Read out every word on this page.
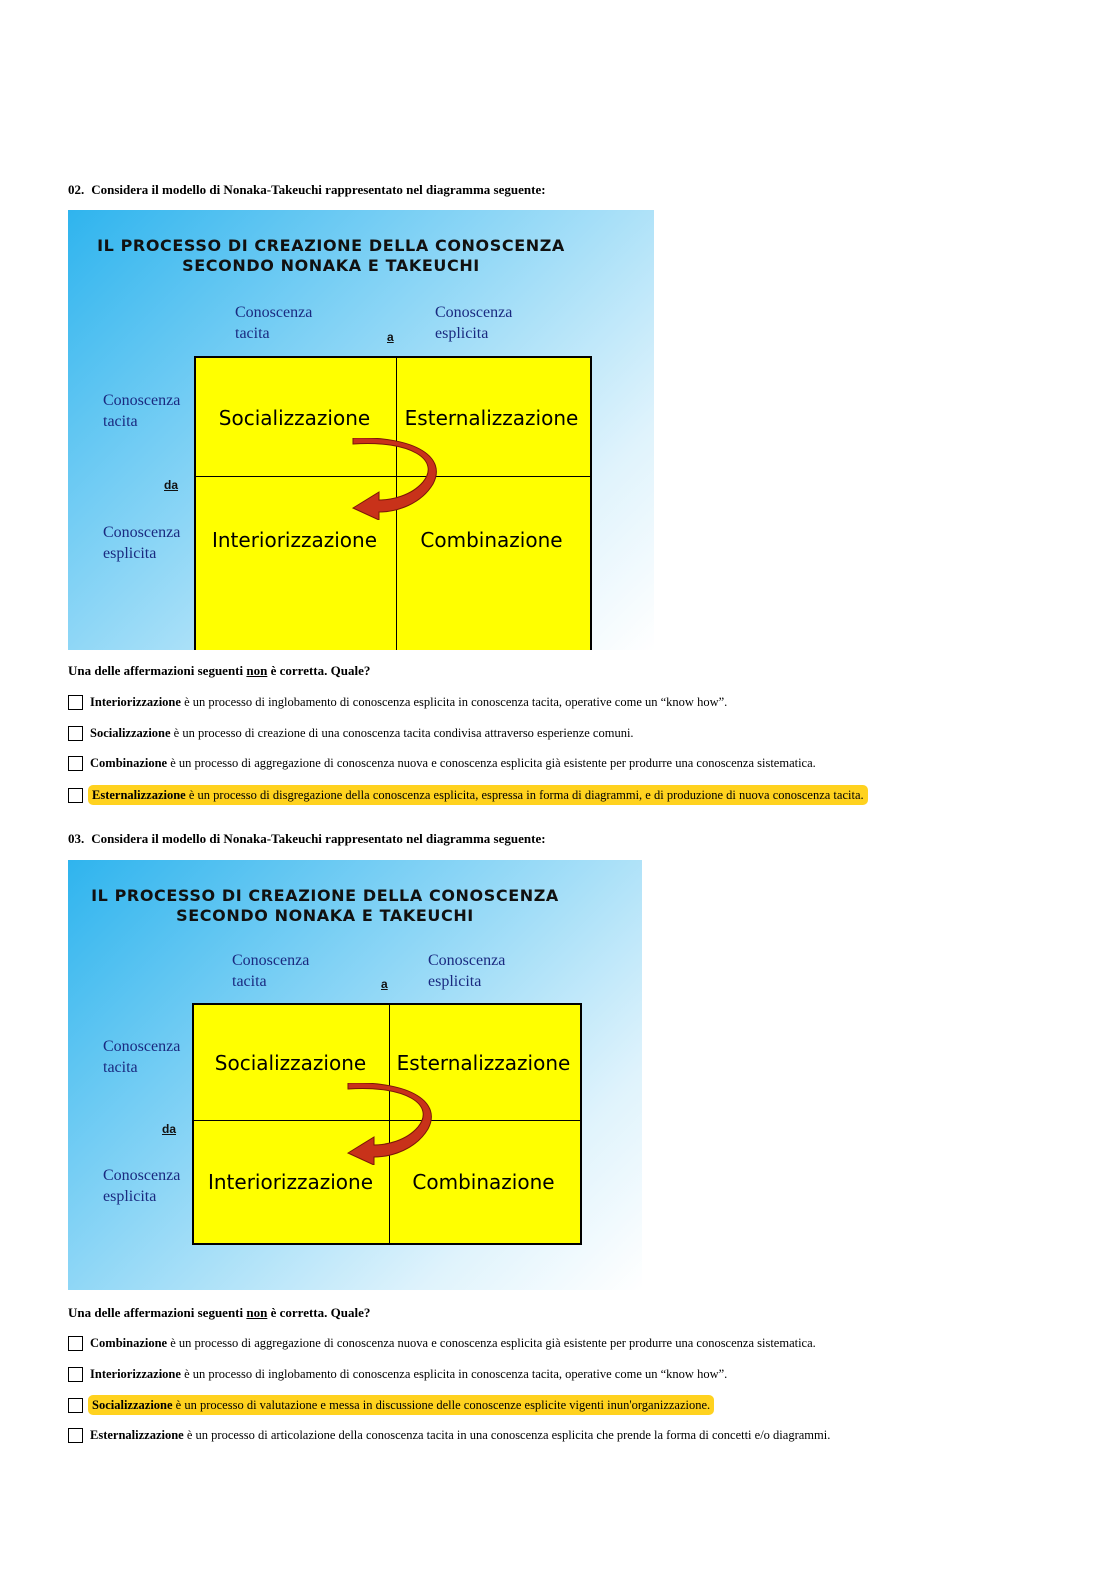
02. Considera il modello di Nonaka-Takeuchi rappresentato nel diagramma seguente:
IL PROCESSO DI CREAZIONE DELLA CONOSCENZA
SECONDO NONAKA E TAKEUCHI
Conoscenza
tacita	a
Conoscenza
esplicita
Conoscenza
tacita
da
Conoscenza
esplicita
Socializzazione	Esternalizzazione
Interiorizzazione	Combinazione
Una delle affermazioni seguenti non è corretta. Quale?
Interiorizzazione è un processo di inglobamento di conoscenza esplicita in conoscenza tacita, operative come un “know how”.
Socializzazione è un processo di creazione di una conoscenza tacita condivisa attraverso esperienze comuni.
Combinazione è un processo di aggregazione di conoscenza nuova e conoscenza esplicita già esistente per produrre una conoscenza sistematica.
Esternalizzazione è un processo di disgregazione della conoscenza esplicita, espressa in forma di diagrammi, e di produzione di nuova conoscenza tacita.
03. Considera il modello di Nonaka-Takeuchi rappresentato nel diagramma seguente:
IL PROCESSO DI CREAZIONE DELLA CONOSCENZA
SECONDO NONAKA E TAKEUCHI
Conoscenza
tacita	a
Conoscenza
esplicita
Conoscenza
tacita
da
Conoscenza
esplicita
Socializzazione	Esternalizzazione
Interiorizzazione	Combinazione
Una delle affermazioni seguenti non è corretta. Quale?
Combinazione è un processo di aggregazione di conoscenza nuova e conoscenza esplicita già esistente per produrre una conoscenza sistematica.
Interiorizzazione è un processo di inglobamento di conoscenza esplicita in conoscenza tacita, operative come un “know how”.
Socializzazione è un processo di valutazione e messa in discussione delle conoscenze esplicite vigenti inun'organizzazione.
Esternalizzazione è un processo di articolazione della conoscenza tacita in una conoscenza esplicita che prende la forma di concetti e/o diagrammi.
